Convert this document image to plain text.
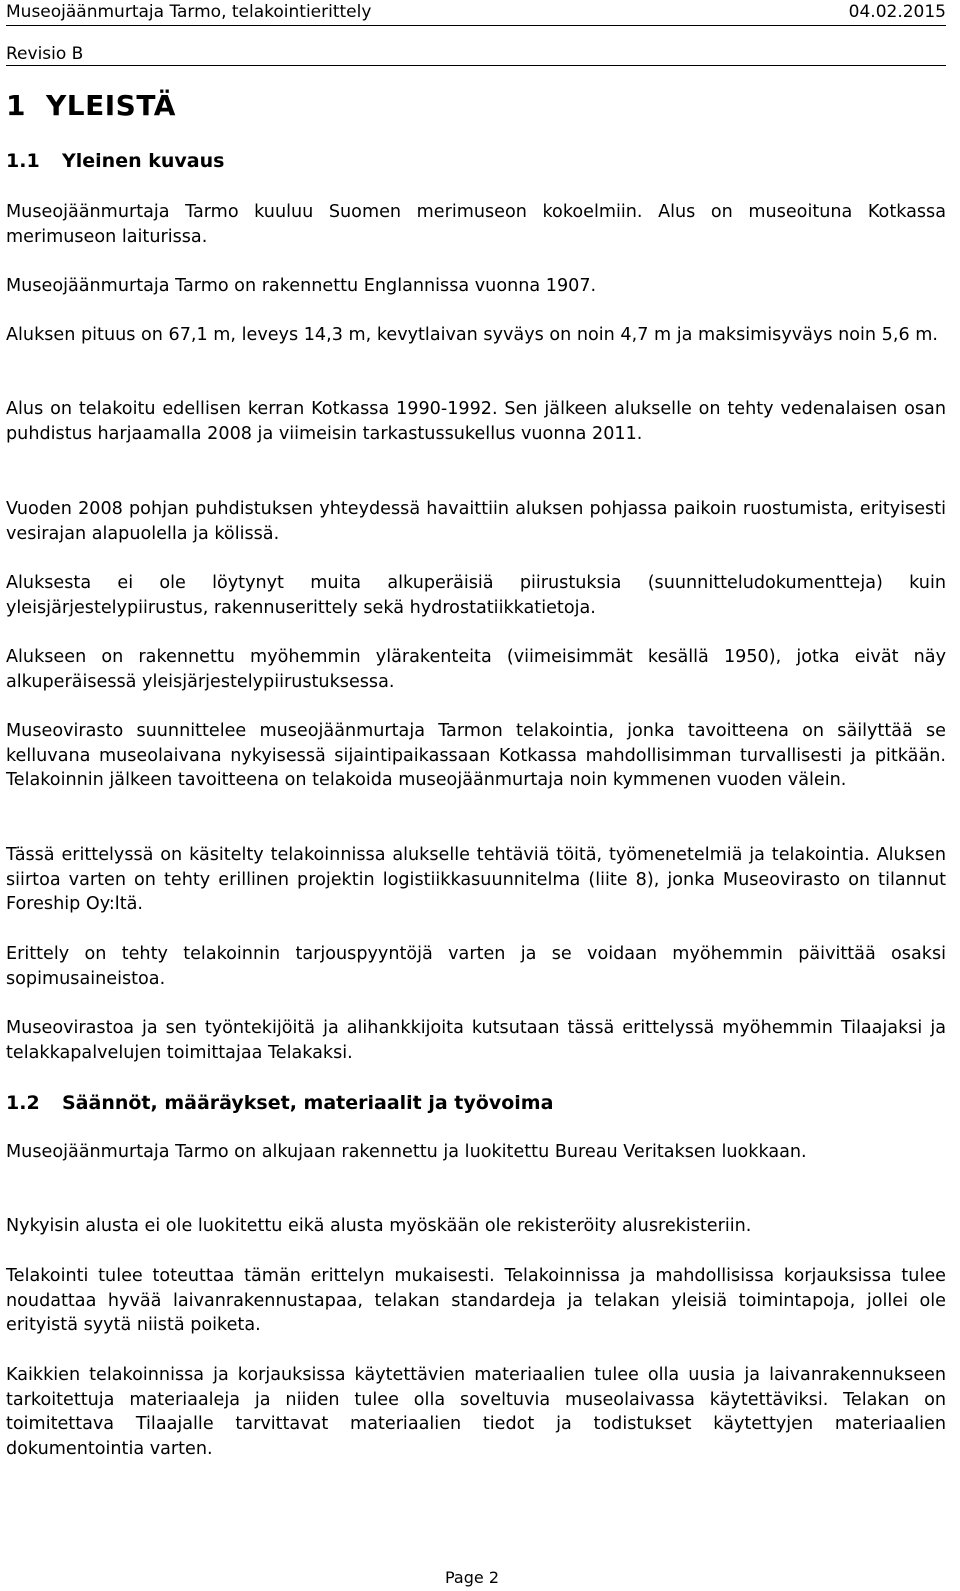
Museojäänmurtaja Tarmo, telakointierittely	04.02.2015
Revisio B
1 YLEISTÄ
1.1 Yleinen kuvaus

Museojäänmurtaja Tarmo kuuluu Suomen merimuseon kokoelmiin. Alus on museoituna Kotkassa merimuseon laiturissa.

Museojäänmurtaja Tarmo on rakennettu Englannissa vuonna 1907.

Aluksen pituus on 67,1 m, leveys 14,3 m, kevytlaivan syväys on noin 4,7 m ja maksimisyväys noin 5,6 m.

Alus on telakoitu edellisen kerran Kotkassa 1990-1992. Sen jälkeen alukselle on tehty vedenalaisen osan puhdistus harjaamalla 2008 ja viimeisin tarkastussukellus vuonna 2011.

Vuoden 2008 pohjan puhdistuksen yhteydessä havaittiin aluksen pohjassa paikoin ruostumista, erityisesti vesirajan alapuolella ja kölissä.

Aluksesta ei ole löytynyt muita alkuperäisiä piirustuksia (suunnitteludokumentteja) kuin yleisjärjestelypiirustus, rakennuserittely sekä hydrostatiikkatietoja.

Alukseen on rakennettu myöhemmin ylärakenteita (viimeisimmät kesällä 1950), jotka eivät näy alkuperäisessä yleisjärjestelypiirustuksessa.

Museovirasto suunnittelee museojäänmurtaja Tarmon telakointia, jonka tavoitteena on säilyttää se kelluvana museolaivana nykyisessä sijaintipaikassaan Kotkassa mahdollisimman turvallisesti ja pitkään. Telakoinnin jälkeen tavoitteena on telakoida museojäänmurtaja noin kymmenen vuoden välein.

Tässä erittelyssä on käsitelty telakoinnissa alukselle tehtäviä töitä, työmenetelmiä ja telakointia. Aluksen siirtoa varten on tehty erillinen projektin logistiikkasuunnitelma (liite 8), jonka Museovirasto on tilannut Foreship Oy:ltä.

Erittely on tehty telakoinnin tarjouspyyntöjä varten ja se voidaan myöhemmin päivittää osaksi sopimusaineistoa.

Museovirastoa ja sen työntekijöitä ja alihankkijoita kutsutaan tässä erittelyssä myöhemmin Tilaajaksi ja telakkapalvelujen toimittajaa Telakaksi.

1.2 Säännöt, määräykset, materiaalit ja työvoima

Museojäänmurtaja Tarmo on alkujaan rakennettu ja luokitettu Bureau Veritaksen luokkaan.

Nykyisin alusta ei ole luokitettu eikä alusta myöskään ole rekisteröity alusrekisteriin.

Telakointi tulee toteuttaa tämän erittelyn mukaisesti. Telakoinnissa ja mahdollisissa korjauksissa tulee noudattaa hyvää laivanrakennustapaa, telakan standardeja ja telakan yleisiä toimintapoja, jollei ole erityistä syytä niistä poiketa.

Kaikkien telakoinnissa ja korjauksissa käytettävien materiaalien tulee olla uusia ja laivanrakennukseen tarkoitettuja materiaaleja ja niiden tulee olla soveltuvia museolaivassa käytettäviksi. Telakan on toimitettava Tilaajalle tarvittavat materiaalien tiedot ja todistukset käytettyjen materiaalien dokumentointia varten.

Page 2
